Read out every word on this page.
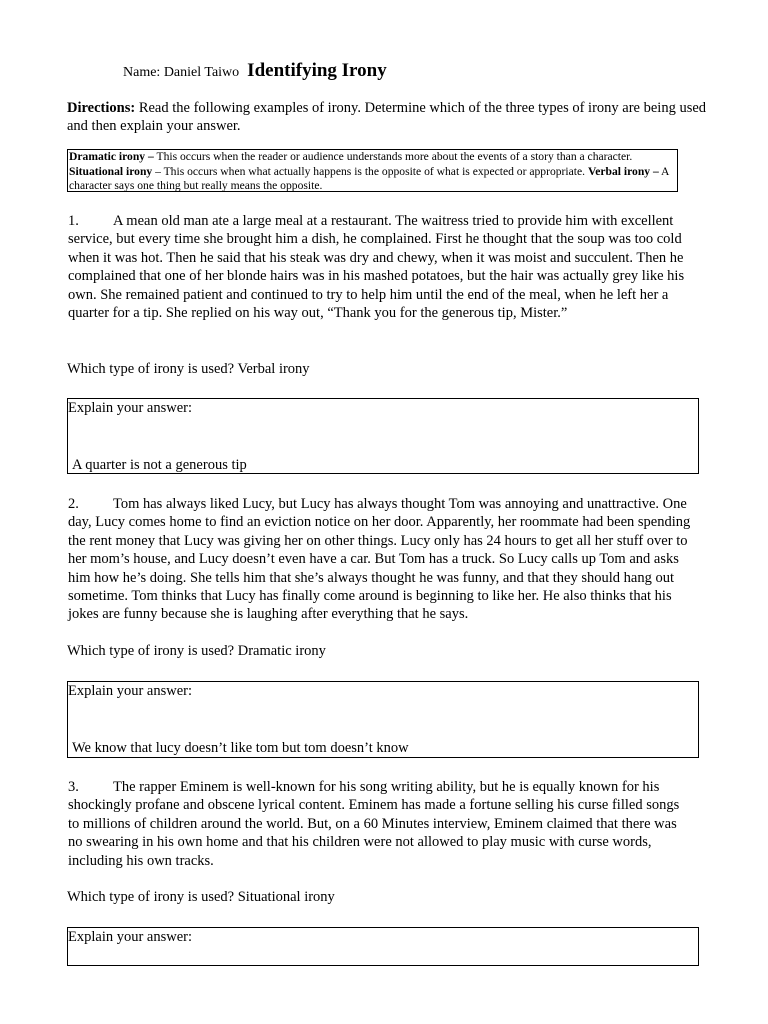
Name: Daniel Taiwo Identifying Irony
Directions: Read the following examples of irony. Determine which of the three types of irony are being used and then explain your answer.
Dramatic irony – This occurs when the reader or audience understands more about the events of a story than a character. Situational irony – This occurs when what actually happens is the opposite of what is expected or appropriate. Verbal irony – A character says one thing but really means the opposite.

1. A mean old man ate a large meal at a restaurant. The waitress tried to provide him with excellent service, but every time she brought him a dish, he complained. First he thought that the soup was too cold when it was hot. Then he said that his steak was dry and chewy, when it was moist and succulent. Then he complained that one of her blonde hairs was in his mashed potatoes, but the hair was actually grey like his own. She remained patient and continued to try to help him until the end of the meal, when he left her a quarter for a tip. She replied on his way out, “Thank you for the generous tip, Mister.”

Which type of irony is used? Verbal irony
Explain your answer:
A quarter is not a generous tip

2. Tom has always liked Lucy, but Lucy has always thought Tom was annoying and unattractive. One day, Lucy comes home to find an eviction notice on her door. Apparently, her roommate had been spending the rent money that Lucy was giving her on other things. Lucy only has 24 hours to get all her stuff over to her mom’s house, and Lucy doesn’t even have a car. But Tom has a truck. So Lucy calls up Tom and asks him how he’s doing. She tells him that she’s always thought he was funny, and that they should hang out sometime. Tom thinks that Lucy has finally come around is beginning to like her. He also thinks that his jokes are funny because she is laughing after everything that he says.

Which type of irony is used? Dramatic irony
Explain your answer:
We know that lucy doesn’t like tom but tom doesn’t know

3. The rapper Eminem is well-known for his song writing ability, but he is equally known for his shockingly profane and obscene lyrical content. Eminem has made a fortune selling his curse filled songs to millions of children around the world. But, on a 60 Minutes interview, Eminem claimed that there was no swearing in his own home and that his children were not allowed to play music with curse words, including his own tracks.

Which type of irony is used? Situational irony
Explain your answer:
